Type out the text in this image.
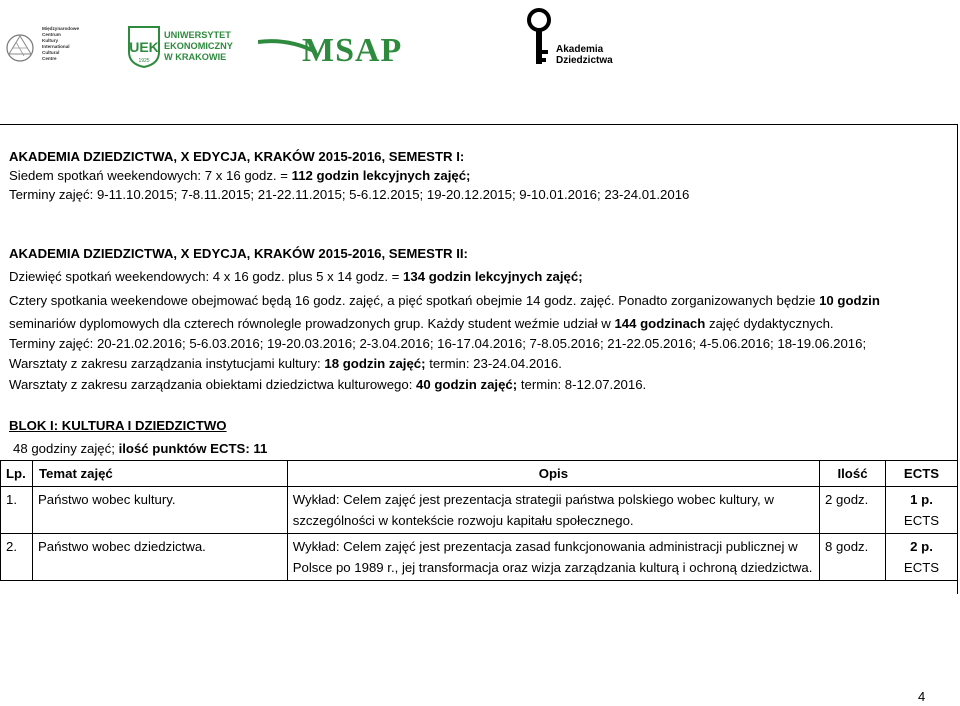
Międzynarodowe
Centrum
Kultury
International
Cultural
Centre
UEK
1925
UNIWERSYTET
EKONOMICZNY
W KRAKOWIE MSAP	Akademia
Dziedzictwa
AKADEMIA DZIEDZICTWA, X EDYCJA, KRAKÓW 2015-2016, SEMESTR I:
Siedem spotkań weekendowych: 7 x 16 godz. = 112 godzin lekcyjnych zajęć;
Terminy zajęć: 9-11.10.2015; 7-8.11.2015; 21-22.11.2015; 5-6.12.2015; 19-20.12.2015; 9-10.01.2016; 23-24.01.2016
AKADEMIA DZIEDZICTWA, X EDYCJA, KRAKÓW 2015-2016, SEMESTR II:
Dziewięć spotkań weekendowych: 4 x 16 godz. plus 5 x 14 godz. = 134 godzin lekcyjnych zajęć;
Cztery spotkania weekendowe obejmować będą 16 godz. zajęć, a pięć spotkań obejmie 14 godz. zajęć. Ponadto zorganizowanych będzie 10 godzin
seminariów dyplomowych dla czterech równolegle prowadzonych grup. Każdy student weźmie udział w 144 godzinach zajęć dydaktycznych.
Terminy zajęć: 20-21.02.2016; 5-6.03.2016; 19-20.03.2016; 2-3.04.2016; 16-17.04.2016; 7-8.05.2016; 21-22.05.2016; 4-5.06.2016; 18-19.06.2016;
Warsztaty z zakresu zarządzania instytucjami kultury: 18 godzin zajęć; termin: 23-24.04.2016.
Warsztaty z zakresu zarządzania obiektami dziedzictwa kulturowego: 40 godzin zajęć; termin: 8-12.07.2016.
BLOK I: KULTURA I DZIEDZICTWO
48 godziny zajęć; ilość punktów ECTS: 11
Lp.	Temat zajęć	Opis	Ilość	ECTS
1.	Państwo wobec kultury.	Wykład: Celem zajęć jest prezentacja strategii państwa polskiego wobec kultury, w szczególności w kontekście rozwoju kapitału społecznego.	2 godz.	1 p.
ECTS
2.	Państwo wobec dziedzictwa.	Wykład: Celem zajęć jest prezentacja zasad funkcjonowania administracji publicznej w Polsce po 1989 r., jej transformacja oraz wizja zarządzania kulturą i ochroną dziedzictwa.	8 godz.	2 p.
ECTS
4
